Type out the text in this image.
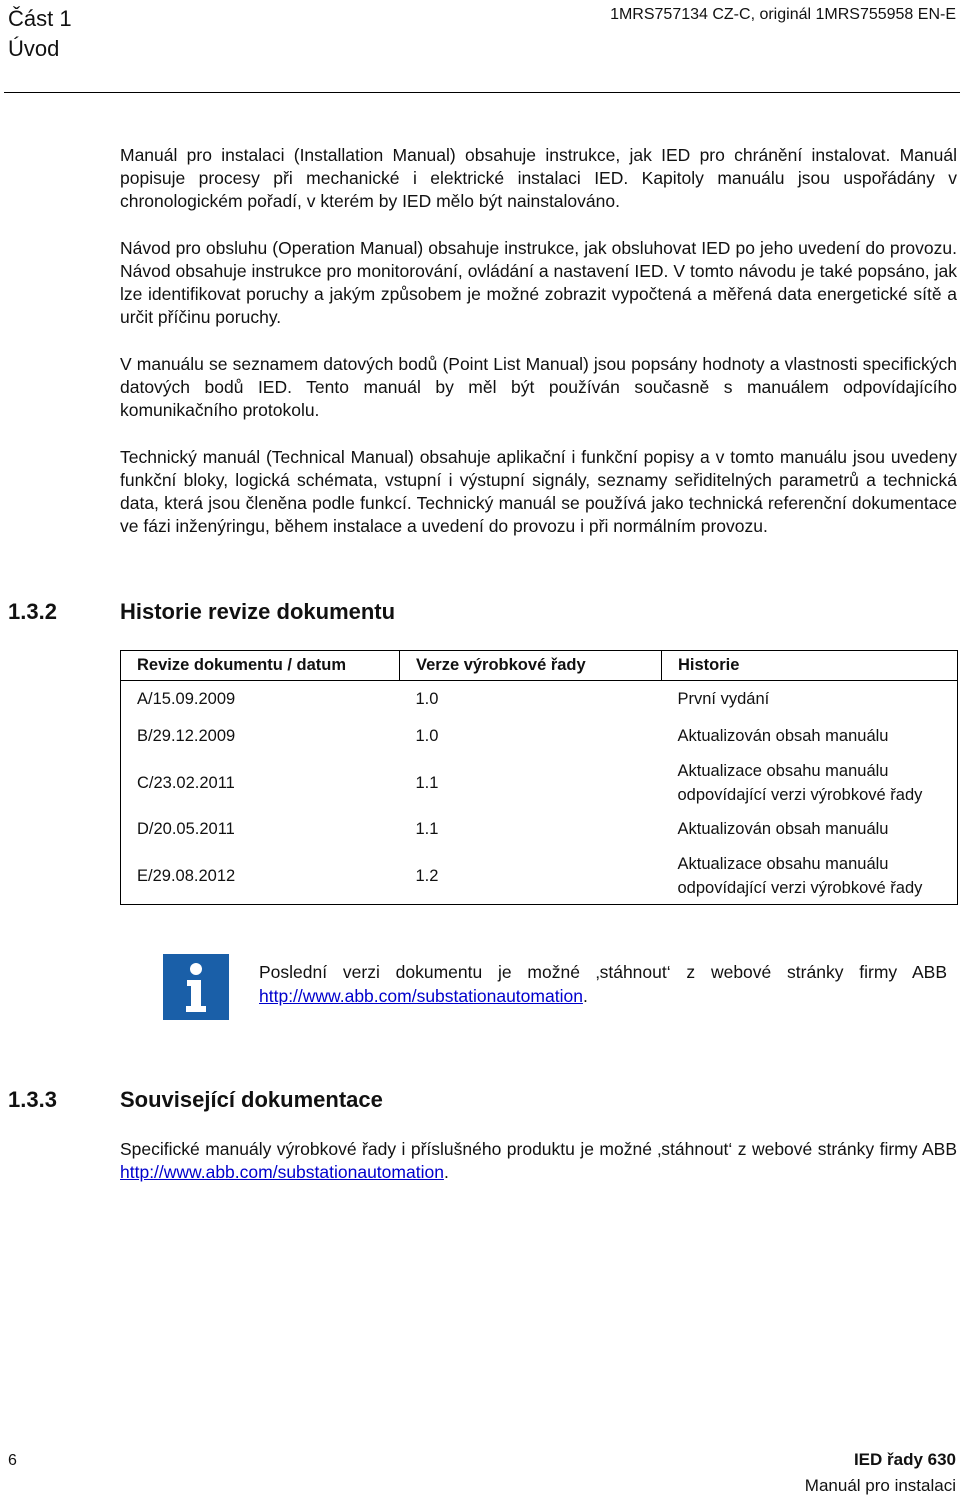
Část 1
Úvod
1MRS757134 CZ-C, originál 1MRS755958 EN-E

Manuál pro instalaci (Installation Manual) obsahuje instrukce, jak IED pro chránění instalovat. Manuál popisuje procesy při mechanické i elektrické instalaci IED. Kapitoly manuálu jsou uspořádány v chronologickém pořadí, v kterém by IED mělo být nainstalováno.

Návod pro obsluhu (Operation Manual) obsahuje instrukce, jak obsluhovat IED po jeho uvedení do provozu. Návod obsahuje instrukce pro monitorování, ovládání a nastavení IED. V tomto návodu je také popsáno, jak lze identifikovat poruchy a jakým způsobem je možné zobrazit vypočtená a měřená data energetické sítě a určit příčinu poruchy.

V manuálu se seznamem datových bodů (Point List Manual) jsou popsány hodnoty a vlastnosti specifických datových bodů IED. Tento manuál by měl být používán současně s manuálem odpovídajícího komunikačního protokolu.

Technický manuál (Technical Manual) obsahuje aplikační i funkční popisy a v tomto manuálu jsou uvedeny funkční bloky, logická schémata, vstupní i výstupní signály, seznamy seřiditelných parametrů a technická data, která jsou členěna podle funkcí. Technický manuál se používá jako technická referenční dokumentace ve fázi inženýringu, během instalace a uvedení do provozu i při normálním provozu.

1.3.2	Historie revize dokumentu
Revize dokumentu / datum	Verze výrobkové řady	Historie
A/15.09.2009	1.0	První vydání
B/29.12.2009	1.0	Aktualizován obsah manuálu
C/23.02.2011	1.1	Aktualizace obsahu manuálu
odpovídající verzi výrobkové řady

D/20.05.2011	1.1	Aktualizován obsah manuálu
E/29.08.2012	1.2	Aktualizace obsahu manuálu
odpovídající verzi výrobkové řady

Poslední verzi dokumentu je možné ‚stáhnout‘ z webové stránky firmy ABB http://www.abb.com/substationautomation.

1.3.3	Související dokumentace

Specifické manuály výrobkové řady i příslušného produktu je možné ‚stáhnout‘ z webové stránky firmy ABB http://www.abb.com/substationautomation.

6	IED řady 630
Manuál pro instalaci
